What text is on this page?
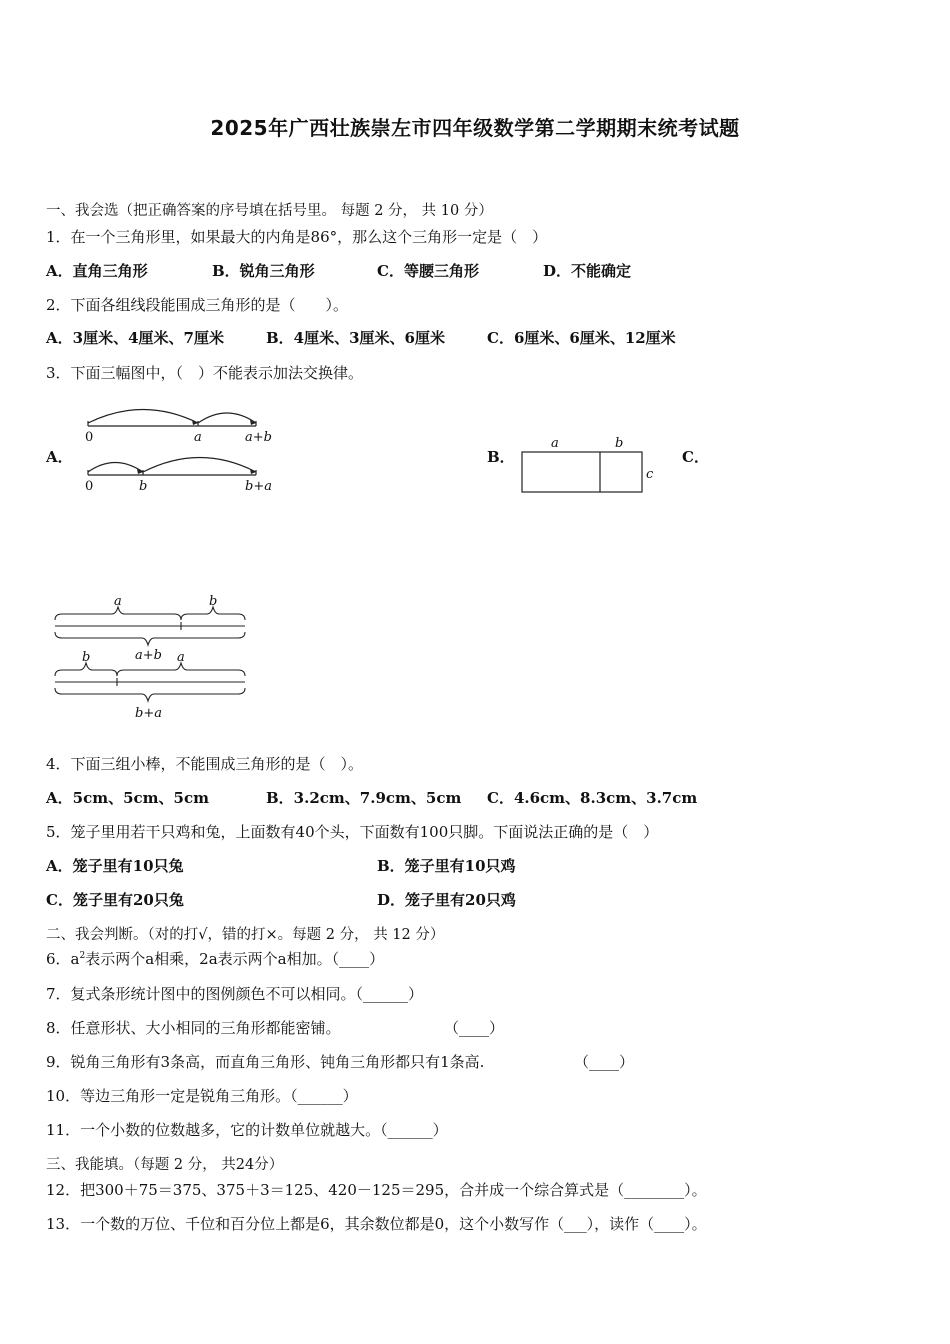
2025年广西壮族崇左市四年级数学第二学期期末统考试题
一、我会选（把正确答案的序号填在括号里。 每题 2 分， 共 10 分）
1．在一个三角形里，如果最大的内角是86°，那么这个三角形一定是（　）
A．直角三角形	B．锐角三角形	C．等腰三角形	D．不能确定
2．下面各组线段能围成三角形的是（　　）。
A．3厘米、4厘米、7厘米	B．4厘米、3厘米、6厘米	C．6厘米、6厘米、12厘米
3．下面三幅图中，（　）不能表示加法交换律。
A．	B．	C．
0	a	a+b
0	b	b+a
a	b
c
a	b
a+b
b	a
b+a
4．下面三组小棒，不能围成三角形的是（　）。
A．5cm、5cm、5cm	B．3.2cm、7.9cm、5cm C．4.6cm、8.3cm、3.7cm
5．笼子里用若干只鸡和兔，上面数有40个头，下面数有100只脚。下面说法正确的是（　）
A．笼子里有10只兔	B．笼子里有10只鸡
C．笼子里有20只兔	D．笼子里有20只鸡
二、我会判断。（对的打√，错的打×。每题 2 分， 共 12 分）
6．$a^2$表示两个a相乘，2a表示两个a相加。（____）
7．复式条形统计图中的图例颜色不可以相同。（______）
8．任意形状、大小相同的三角形都能密铺。	（____）
9．锐角三角形有3条高，而直角三角形、钝角三角形都只有1条高.	（____）
10．等边三角形一定是锐角三角形。（______）
11．一个小数的位数越多，它的计数单位就越大。（______）
三、我能填。（每题 2 分， 共24分）
12．把300＋75＝375、375＋3＝125、420－125＝295，合并成一个综合算式是（________）。
13．一个数的万位、千位和百分位上都是6，其余数位都是0，这个小数写作（___），读作（____）。
